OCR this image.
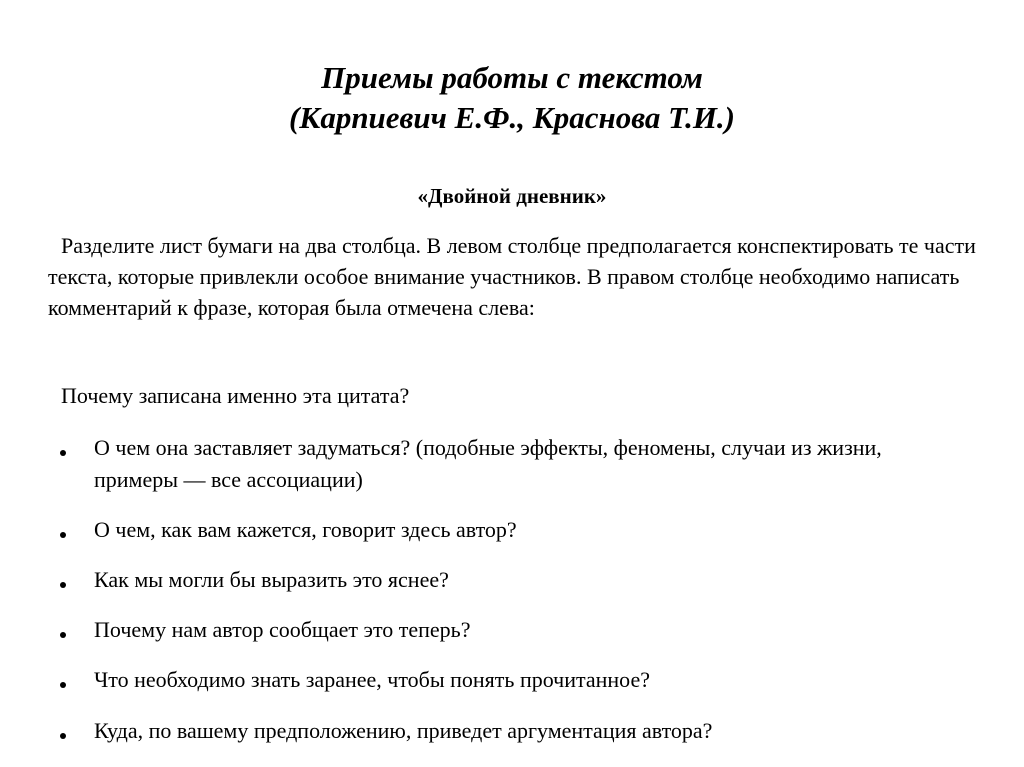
Приемы работы с текстом
(Карпиевич Е.Ф., Краснова Т.И.)
«Двойной дневник»

Разделите лист бумаги на два столбца. В левом столбце предполагается конспектировать те части текста, которые привлекли особое внимание участников. В правом столбце необходимо написать комментарий к фразе, которая была отмечена слева:

Почему записана именно эта цитата?

О чем она заставляет задуматься? (подобные эффекты, феномены, случаи из жизни, примеры — все ассоциации)

О чем, как вам кажется, говорит здесь автор?

Как мы могли бы выразить это яснее?

Почему нам автор сообщает это теперь?

Что необходимо знать заранее, чтобы понять прочитанное?

Куда, по вашему предположению, приведет аргументация автора?
